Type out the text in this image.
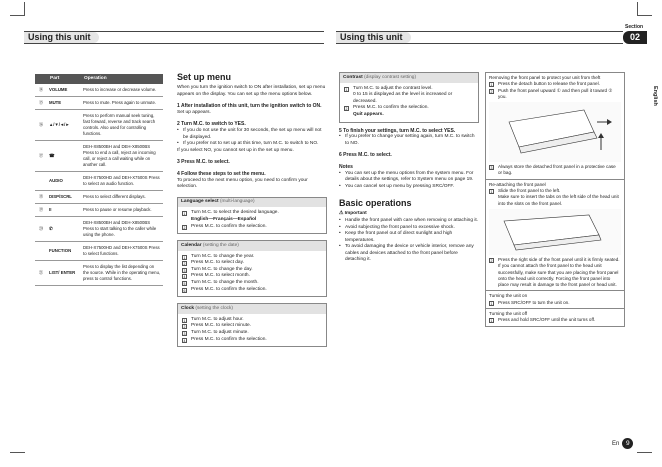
Using this unit	Using this unit
Section
02
English
	Part	Operation
⑭	VOLUME	Press to increase or decrease volume.
⑮	MUTE	Press to mute. Press again to unmute.
⑯	▲/▼/◄/►	Press to perform manual seek tuning, fast forward, reverse and track search controls. Also used for controlling functions.
⑰	☎	DEH-X8500BH and DEH-X8500BS Press to end a call, reject an incoming call, or reject a call waiting while on another call.
	AUDIO	DEH-X7500HD and DEH-X7500S Press to select an audio function.
⑱	DISP/SCRL	Press to select different displays.
⑲	II	Press to pause or resume playback.
⑳	✆	DEH-X8500BH and DEH-X8500BS Press to start talking to the caller while using the phone.
	FUNCTION	DEH-X7500HD and DEH-X7500S Press to select functions.
㉑	LIST/ ENTER	Press to display the list depending on the source. While in the operating menu, press to control functions.
Set up menu
When you turn the ignition switch to ON after installation, set up menu appears on the display. You can set up the menu options below.
1 After installation of this unit, turn the ignition switch to ON.
Set up appears.
2 Turn M.C. to switch to YES.
• If you do not use the unit for 30 seconds, the set up menu will not be displayed.
• If you prefer not to set up at this time, turn M.C. to switch to NO.
If you select NO, you cannot set up in the set up menu.
3 Press M.C. to select.
4 Follow these steps to set the menu.
To proceed to the next menu option, you need to confirm your selection.
Language select (multi-language)
1	Turn M.C. to select the desired language.
English—Français—Español
2	Press M.C. to confirm the selection.
Calendar (setting the date)
1	Turn M.C. to change the year.
2	Press M.C. to select day.
3	Turn M.C. to change the day.
4	Press M.C. to select month.
5	Turn M.C. to change the month.
6	Press M.C. to confirm the selection.
Clock (setting the clock)
1	Turn M.C. to adjust hour.
2	Press M.C. to select minute.
3	Turn M.C. to adjust minute.
4	Press M.C. to confirm the selection.
Contrast (display contrast setting)
1	Turn M.C. to adjust the contrast level.
0 to 15 is displayed as the level is increased or decreased.
2	Press M.C. to confirm the selection.
Quit appears.
5 To finish your settings, turn M.C. to select YES.
• If you prefer to change your setting again, turn M.C. to switch to NO.
6 Press M.C. to select.
Notes
• You can set up the menu options from the system menu. For details about the settings, refer to System menu on page 19.
• You can cancel set up menu by pressing SRC/OFF.
Basic operations
⚠ Important
• Handle the front panel with care when removing or attaching it.
• Avoid subjecting the front panel to excessive shock.
• Keep the front panel out of direct sunlight and high temperatures.
• To avoid damaging the device or vehicle interior, remove any cables and devices attached to the front panel before detaching it.
Removing the front panel to protect your unit from theft
1	Press the detach button to release the front panel.
2	Push the front panel upward ① and then pull it toward ② you.
3	Always store the detached front panel in a protective case or bag.
Re-attaching the front panel
1	Slide the front panel to the left.
Make sure to insert the tabs on the left side of the head unit into the slots on the front panel.
2	Press the right side of the front panel until it is firmly seated.
If you cannot attach the front panel to the head unit successfully, make sure that you are placing the front panel onto the head unit correctly. Forcing the front panel into place may result in damage to the front panel or head unit.
Turning the unit on
1	Press SRC/OFF to turn the unit on.
Turning the unit off
1	Press and hold SRC/OFF until the unit turns off.
En 9
